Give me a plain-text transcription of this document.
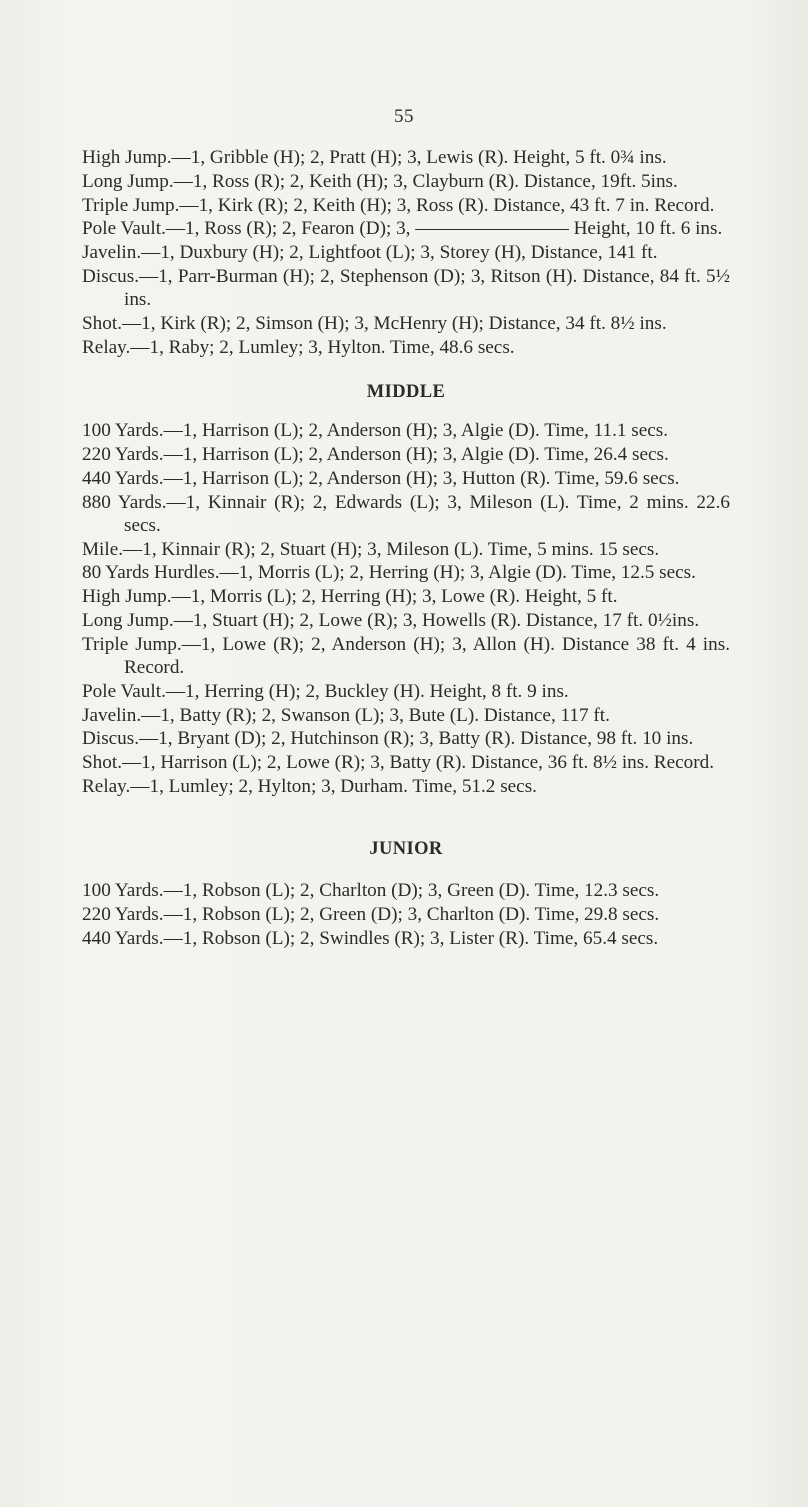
55

High Jump.—1, Gribble (H); 2, Pratt (H); 3, Lewis (R). Height, 5 ft. 0¾ ins.

Long Jump.—1, Ross (R); 2, Keith (H); 3, Clayburn (R). Distance, 19ft. 5ins.

Triple Jump.—1, Kirk (R); 2, Keith (H); 3, Ross (R). Distance, 43 ft. 7 in. Record.

Pole Vault.—1, Ross (R); 2, Fearon (D); 3, ———————— Height, 10 ft. 6 ins.

Javelin.—1, Duxbury (H); 2, Lightfoot (L); 3, Storey (H), Distance, 141 ft.

Discus.—1, Parr-Burman (H); 2, Stephenson (D); 3, Ritson (H). Distance, 84 ft. 5½ ins.

Shot.—1, Kirk (R); 2, Simson (H); 3, McHenry (H); Distance, 34 ft. 8½ ins.

Relay.—1, Raby; 2, Lumley; 3, Hylton. Time, 48.6 secs.

MIDDLE

100 Yards.—1, Harrison (L); 2, Anderson (H); 3, Algie (D). Time, 11.1 secs.

220 Yards.—1, Harrison (L); 2, Anderson (H); 3, Algie (D). Time, 26.4 secs.

440 Yards.—1, Harrison (L); 2, Anderson (H); 3, Hutton (R). Time, 59.6 secs.

880 Yards.—1, Kinnair (R); 2, Edwards (L); 3, Mileson (L). Time, 2 mins. 22.6 secs.

Mile.—1, Kinnair (R); 2, Stuart (H); 3, Mileson (L). Time, 5 mins. 15 secs.

80 Yards Hurdles.—1, Morris (L); 2, Herring (H); 3, Algie (D). Time, 12.5 secs.

High Jump.—1, Morris (L); 2, Herring (H); 3, Lowe (R). Height, 5 ft.

Long Jump.—1, Stuart (H); 2, Lowe (R); 3, Howells (R). Distance, 17 ft. 0½ins.

Triple Jump.—1, Lowe (R); 2, Anderson (H); 3, Allon (H). Distance 38 ft. 4 ins. Record.

Pole Vault.—1, Herring (H); 2, Buckley (H). Height, 8 ft. 9 ins.

Javelin.—1, Batty (R); 2, Swanson (L); 3, Bute (L). Distance, 117 ft.

Discus.—1, Bryant (D); 2, Hutchinson (R); 3, Batty (R). Distance, 98 ft. 10 ins.

Shot.—1, Harrison (L); 2, Lowe (R); 3, Batty (R). Distance, 36 ft. 8½ ins. Record.

Relay.—1, Lumley; 2, Hylton; 3, Durham. Time, 51.2 secs.

JUNIOR

100 Yards.—1, Robson (L); 2, Charlton (D); 3, Green (D). Time, 12.3 secs.

220 Yards.—1, Robson (L); 2, Green (D); 3, Charlton (D). Time, 29.8 secs.

440 Yards.—1, Robson (L); 2, Swindles (R); 3, Lister (R). Time, 65.4 secs.
